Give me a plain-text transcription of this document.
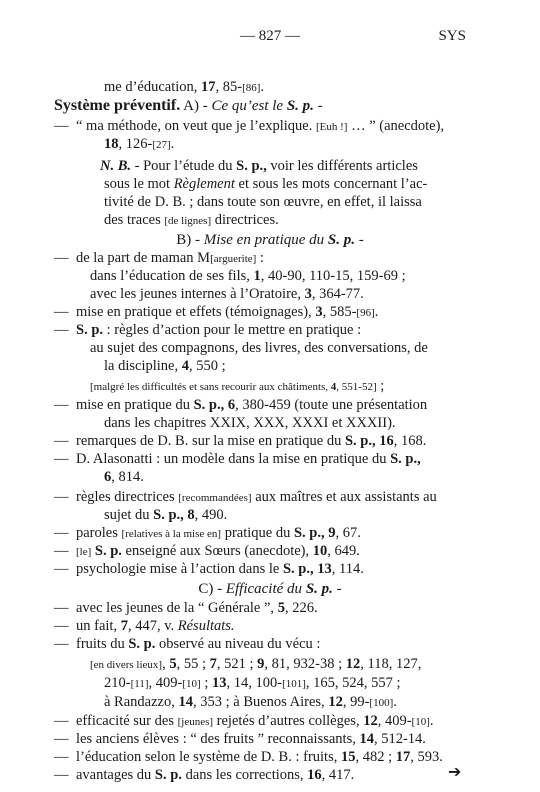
— 827 —	SYS
me d’éducation, 17, 85-[86].
Système préventif. A) - Ce qu’est le S. p. -
— “ ma méthode, on veut que je l’explique. [Euh !] … ” (anecdote),
18, 126-[27].
N. B. - Pour l’étude du S. p., voir les différents articles
sous le mot Règlement et sous les mots concernant l’ac-
tivité de D. B. ; dans toute son œuvre, en effet, il laissa
des traces [de lignes] directrices.
B) - Mise en pratique du S. p. -
— de la part de maman M[arguerite] :
dans l’éducation de ses fils, 1, 40-90, 110-15, 159-69 ;
avec les jeunes internes à l’Oratoire, 3, 364-77.
— mise en pratique et effets (témoignages), 3, 585-[96].
— S. p. : règles d’action pour le mettre en pratique :
au sujet des compagnons, des livres, des conversations, de
la discipline, 4, 550 ;
[malgré les difficultés et sans recourir aux châtiments, 4, 551-52] ;
— mise en pratique du S. p., 6, 380-459 (toute une présentation
dans les chapitres XXIX, XXX, XXXI et XXXII).
— remarques de D. B. sur la mise en pratique du S. p., 16, 168.
— D. Alasonatti : un modèle dans la mise en pratique du S. p.,
6, 814.
— règles directrices [recommandées] aux maîtres et aux assistants au
sujet du S. p., 8, 490.
— paroles [relatives à la mise en] pratique du S. p., 9, 67.
— [le] S. p. enseigné aux Sœurs (anecdote), 10, 649.
— psychologie mise à l’action dans le S. p., 13, 114.
C) - Efficacité du S. p. -
— avec les jeunes de la “ Générale ”, 5, 226.
— un fait, 7, 447, v. Résultats.
— fruits du S. p. observé au niveau du vécu :
[en divers lieux], 5, 55 ; 7, 521 ; 9, 81, 932-38 ; 12, 118, 127,
210-[11], 409-[10] ; 13, 14, 100-[101], 165, 524, 557 ;
à Randazzo, 14, 353 ; à Buenos Aires, 12, 99-[100].
— efficacité sur des [jeunes] rejetés d’autres collèges, 12, 409-[10].
— les anciens élèves : “ des fruits ” reconnaissants, 14, 512-14.
— l’éducation selon le système de D. B. : fruits, 15, 482 ; 17, 593.
— avantages du S. p. dans les corrections, 16, 417.	➔
